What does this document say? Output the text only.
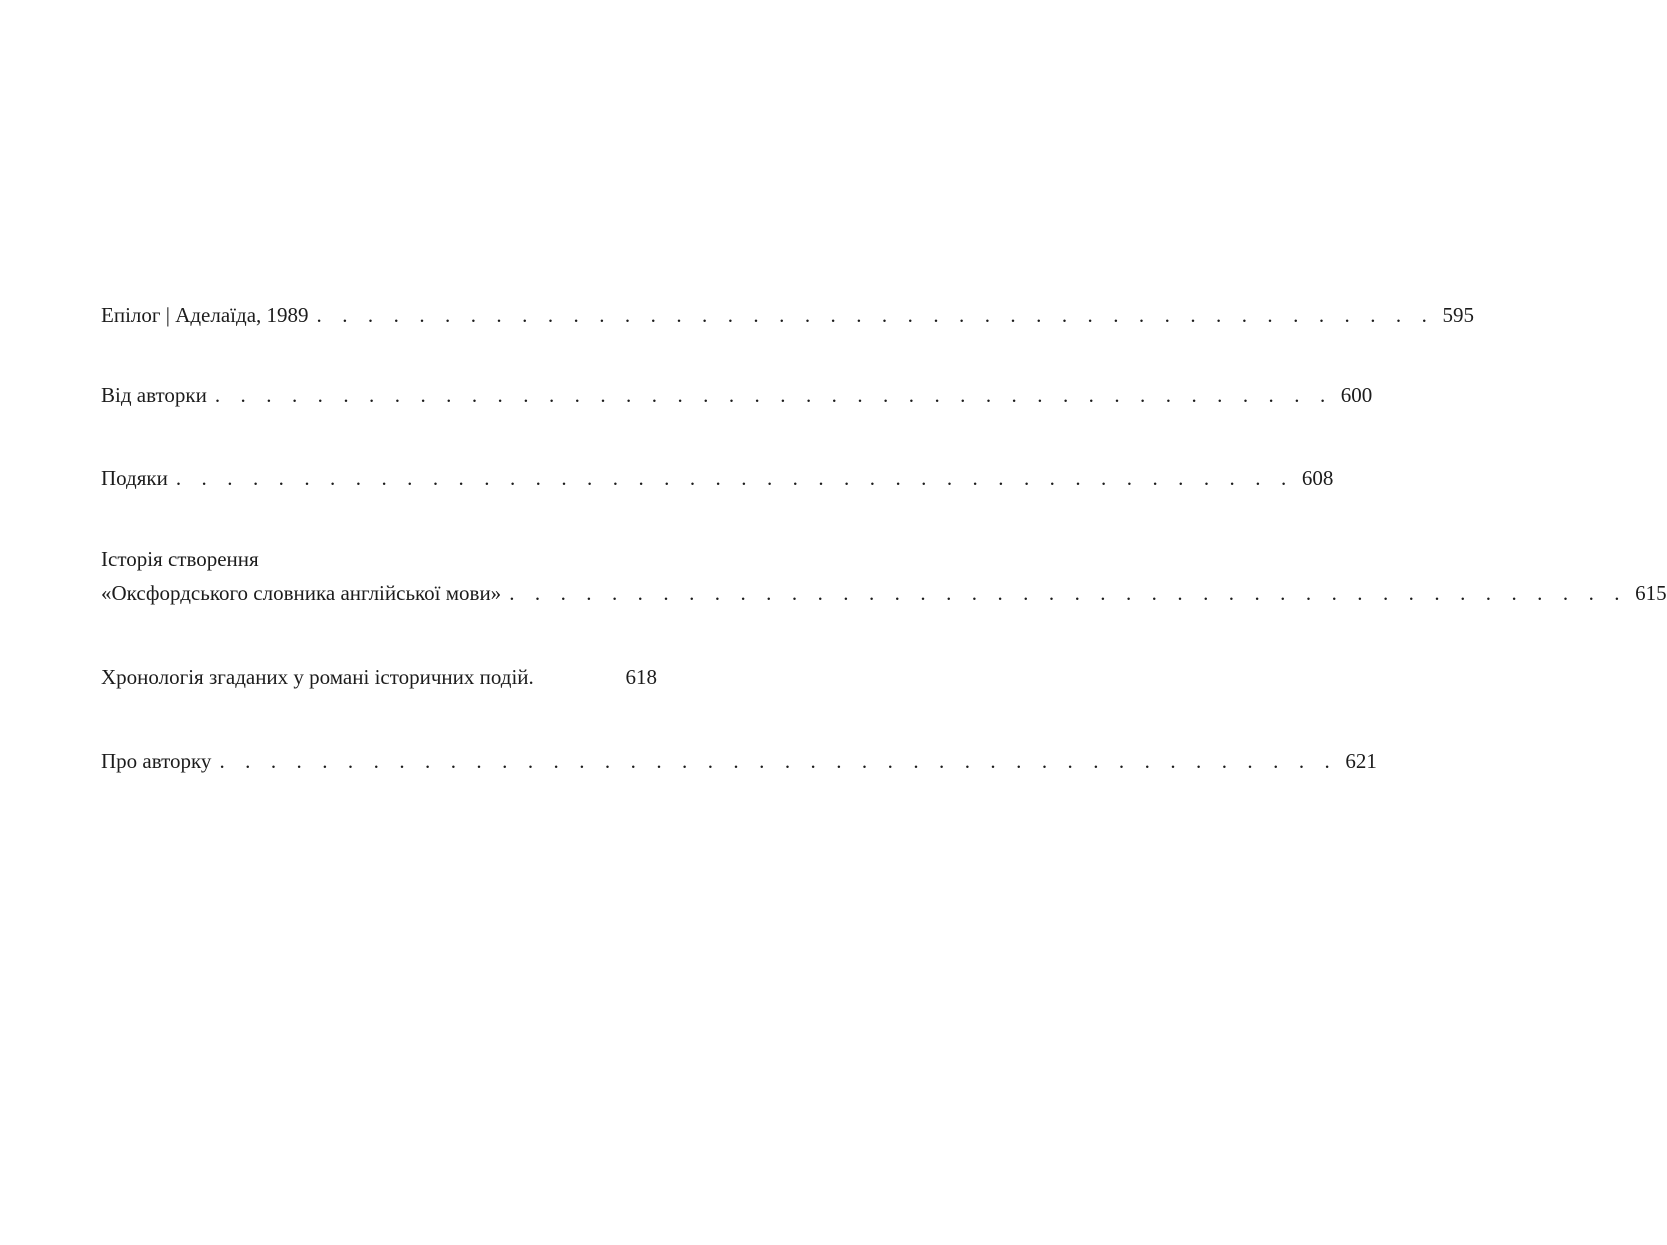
Епілог | Аделаїда, 1989 . . . . . . . . . . . . . . . . . . . . . . . . . . . . . . . . . . . . . . . . . . . . 595
Від авторки . . . . . . . . . . . . . . . . . . . . . . . . . . . . . . . . . . . . . . . . . . . . 600
Подяки . . . . . . . . . . . . . . . . . . . . . . . . . . . . . . . . . . . . . . . . . . . . 608
Історія створення
«Оксфордського словника англійської мови» . . . . . . . . . . . . . . . . . . . . . . . . . . . . . . . . . . . . . . . . . . . . 615
Хронологія згаданих у романі історичних подій.	618
Про авторку . . . . . . . . . . . . . . . . . . . . . . . . . . . . . . . . . . . . . . . . . . . . 621
